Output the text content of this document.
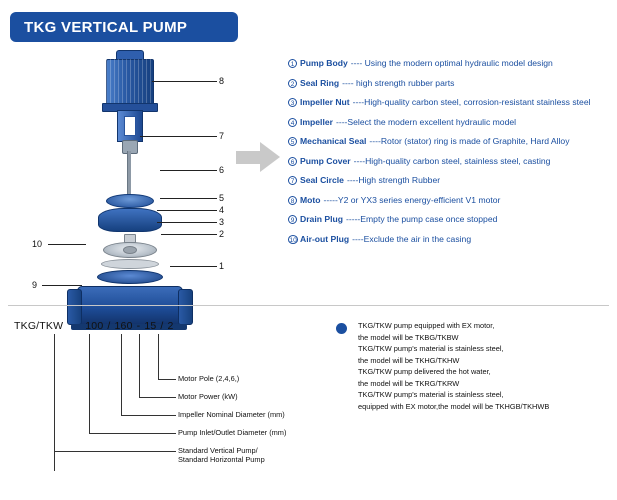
TKG VERTICAL PUMP
8
7
6
5
4
3
2
1
10
9
1 Pump Body ---- Using the modern optimal hydraulic model design
2 Seal Ring ---- high strength rubber parts
3 Impeller Nut ----High-quality carbon steel, corrosion-resistant stainless steel
4 Impeller ----Select the modern excellent hydraulic model
5 Mechanical Seal ----Rotor (stator) ring is made of Graphite, Hard Alloy
6 Pump Cover ----High-quality carbon steel, stainless steel, casting
7 Seal Circle ----High strength Rubber
8 Moto -----Y2 or YX3 series energy-efficient V1 motor
9 Drain Plug -----Empty the pump case once stopped
10 Air-out Plug ----Exclude the air in the casing
TKG/TKW 100 / 160 - 15 / 2
Motor Pole (2,4,6,)
Motor Power (kW)
Impeller Nominal Diameter (mm)
Pump Inlet/Outlet Diameter (mm)
Standard Vertical Pump/
Standard Horizontal Pump
TKG/TKW pump equipped with EX motor,
the model will be TKBG/TKBW
TKG/TKW pump's material is stainless steel,
the model will be TKHG/TKHW
TKG/TKW pump delivered the hot water,
the model will be TKRG/TKRW
TKG/TKW pump's material is stainless steel,
equipped with EX motor,the model will be TKHGB/TKHWB
